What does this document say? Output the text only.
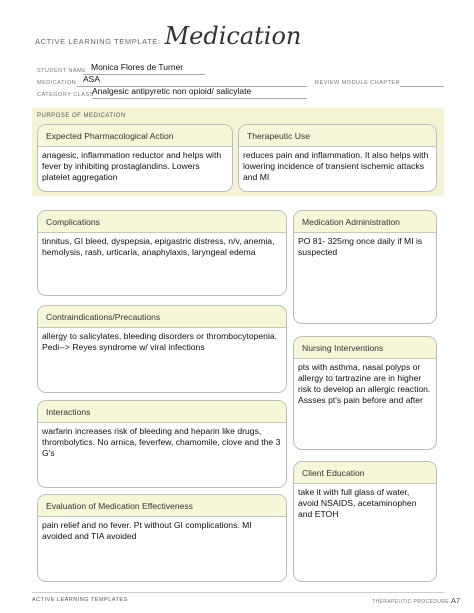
ACTIVE LEARNING TEMPLATE: Medication
STUDENT NAME Monica Flores de Turner
MEDICATION ASA	REVIEW MODULE CHAPTER
CATEGORY CLASS
Analgesic antipyretic non opioid/ salicylate
PURPOSE OF MEDICATION
Expected Pharmacological Action
anagesic, inflammation reductor and helps with fever by inhibiting prostaglandins. Lowers platelet aggregation
Therapeutic Use
reduces pain and inflammation. It also helps with lowering incidence of transient ischemic attacks and MI
Complications
tinnitus, GI bleed, dyspepsia, epigastric distress, n/v, anemia, hemolysis, rash, urticaria, anaphylaxis, laryngeal edema
Contraindications/Precautions
allergy to salicylates, bleeding disorders or thrombocytopenia. Pedi--> Reyes syndrome w/ viral infections
Interactions
warfarin increases risk of bleeding and heparin like drugs, thrombolytics. No arnica, feverfew, chamomile, clove and the 3 G's
Evaluation of Medication Effectiveness
pain relief and no fever. Pt without GI complications. MI avoided and TIA avoided
Medication Administration
PO 81- 325mg once daily if MI is suspected
Nursing Interventions
pts with asthma, nasal polyps or allergy to tartrazine are in higher risk to develop an allergic reaction. Assses pt's pain before and after
Client Education
take it with full glass of water, avoid NSAIDS, acetaminophen and ETOH
ACTIVE LEARNING TEMPLATES	THERAPEUTIC PROCEDURE A7
